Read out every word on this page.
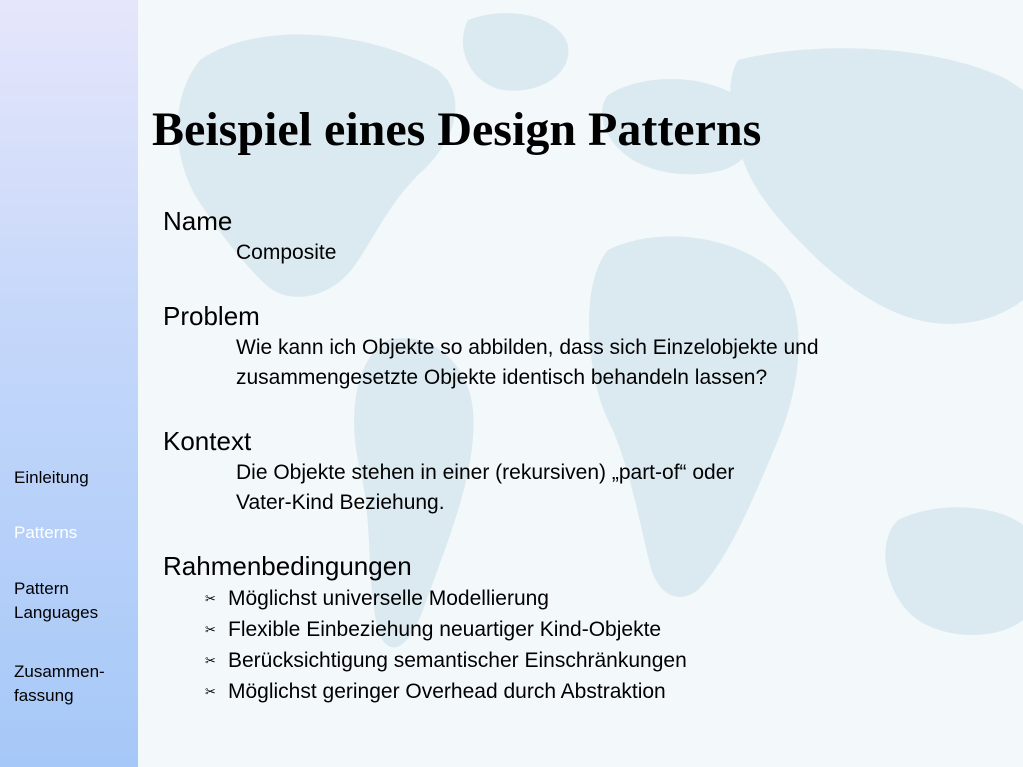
Einleitung
Patterns
Pattern
Languages
Zusammen-
fassung
Beispiel eines Design Patterns
Name
Composite
Problem
Wie kann ich Objekte so abbilden, dass sich Einzelobjekte und
zusammengesetzte Objekte identisch behandeln lassen?
Kontext
Die Objekte stehen in einer (rekursiven) „part-of“ oder
Vater-Kind Beziehung.
Rahmenbedingungen
✂ Möglichst universelle Modellierung
✂ Flexible Einbeziehung neuartiger Kind-Objekte
✂ Berücksichtigung semantischer Einschränkungen
✂ Möglichst geringer Overhead durch Abstraktion
